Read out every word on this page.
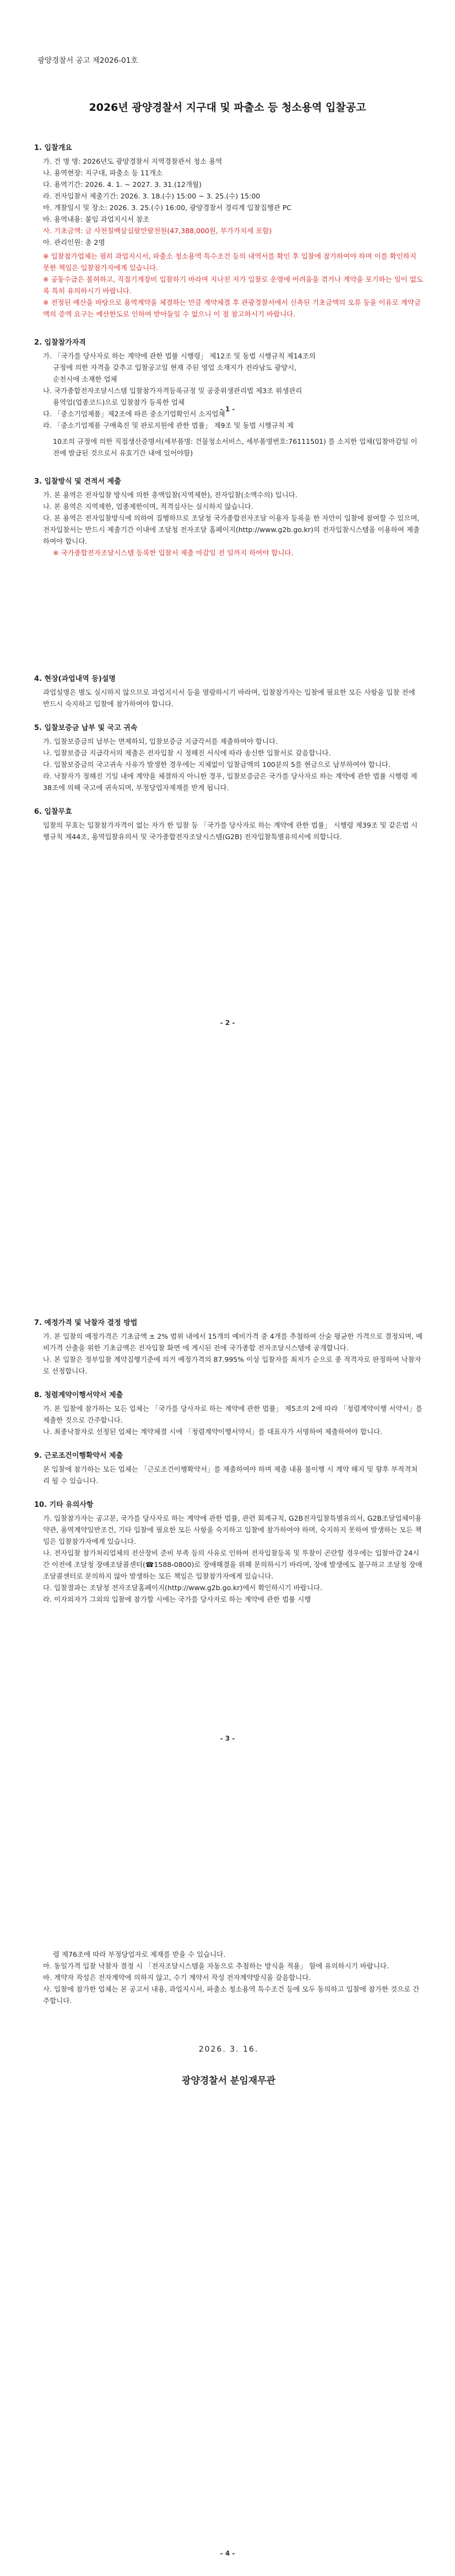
광양경찰서 공고 제2026-01호
2026년 광양경찰서 지구대 및 파출소 등 청소용역 입찰공고
1. 입찰개요
가. 건 명 명: 2026년도 광양경찰서 지역경찰관서 청소 용역
나. 용역현장: 지구대, 파출소 등 11개소
다. 용역기간: 2026. 4. 1. ~ 2027. 3. 31.(12개월)
라. 전자입찰서 제출기간: 2026. 3. 18.(수) 15:00 ~ 3. 25.(수) 15:00
마. 개찰일시 및 장소: 2026. 3. 25.(수) 16:00, 광양경찰서 경리계 입찰집행관 PC
바. 용역내용: 붙임 과업지시서 참조
사. 기초금액: 금 사천칠백삼십팔만팔천원(47,388,000원, 부가가치세 포함)
아. 관리인원: 총 2명
※ 입찰참가업체는 필히 과업지시서, 파출소 청소용역 특수조건 등의 내역서를 확인 후 입찰에 참가하여야 하며 이를 확인하지 못한 책임은 입찰참가자에게 있습니다.
※ 공동수급은 불허하고, 직접기계장비 입찰하기 바라며 지나친 저가 입찰로 운영에 어려움을 겪거나 계약을 포기하는 일이 없도록 특히 유의하시기 바랍니다.
※ 전정된 예산을 바탕으로 용역계약을 체결하는 만큼 계약체결 후 관광경찰서에서 신축된 기초금액의 오류 등을 이유로 계약금액의 증액 요구는 예산한도로 인하여 받아들일 수 없으니 이 점 참고하시기 바랍니다.
2. 입찰참가자격
가. 「국가를 당사자로 하는 계약에 관한 법률 시행령」 제12조 및 동법 시행규칙 제14조의
규정에 의한 자격을 갖추고 입찰공고일 현재 주된 영업 소재지가 전라남도 광양시,
순천시에 소재한 업체
나. 국가종합전자조달시스템 입찰참가자격등록규정 및 공중위생관리법 제3조 위생관리
용역업(업종코드)으로 입찰참가 등록한 업체
다. 「중소기업제품」제2조에 따른 중소기업확인서 소지업체
라. 「중소기업제품 구매촉진 및 판로지원에 관한 법률」 제9조 및 동법 시행규칙 제
- 1 -
10조의 규정에 의한 직접생산증명서(세부품명: 건물청소서비스, 세부품명번호:76111501) 를 소지한 업체(입찰마감일 이전에 발급된 것으로서 유효기간 내에 있어야함)
3. 입찰방식 및 견적서 제출
가. 본 용역은 전자입찰 방식에 의한 총액입찰(지역제한), 전자입찰(소액수의) 입니다.
나. 본 용역은 지역제한, 업종제한이며, 적격심사는 실시하지 않습니다.
다. 본 용역은 전자입찰방식에 의하여 집행하므로 조달청 국가종합전자조달 이용자 등록을 한 자만이 입찰에 참여할 수 있으며, 전자입찰서는 반드시 제출기간 이내에 조달청 전자조달 홈페이지(http://www.g2b.go.kr)의 전자입찰시스템을 이용하여 제출하여야 합니다.
※ 국가종합전자조달시스템 등록한 입찰서 제출 마감일 전 일까지 하여야 합니다.
4. 현장(과업내역 등)설명
과업설명은 별도 실시하지 않으므로 과업지시서 등을 열람하시기 바라며, 입찰참가자는 입찰에 필요한 모든 사항을 입찰 전에 반드시 숙지하고 입찰에 참가하여야 합니다.
5. 입찰보증금 납부 및 국고 귀속
가. 입찰보증금의 납부는 면제하되, 입찰보증금 지급각서를 제출하여야 합니다.
나. 입찰보증금 지급각서의 제출은 전자입찰 시 정해진 서식에 따라 송신한 입찰서로 갈음합니다.
다. 입찰보증금의 국고귀속 사유가 발생한 경우에는 지체없이 입찰금액의 100분의 5를 현금으로 납부하여야 합니다.
라. 낙찰자가 정해진 기일 내에 계약을 체결하지 아니한 경우, 입찰보증금은 국가를 당사자로 하는 계약에 관한 법률 시행령 제38조에 의해 국고에 귀속되며, 부정당업자제재를 받게 됩니다.
6. 입찰무효
입찰의 무효는 입찰참가자격이 없는 자가 한 입찰 등 「국가를 당사자로 하는 계약에 관한 법률」 시행령 제39조 및 같은법 시행규칙 제44조, 용역입찰유의서 및 국가종합전자조달시스템(G2B) 전자입찰특별유의서에 의합니다.
- 2 -
7. 예정가격 및 낙찰자 결정 방법
가. 본 입찰의 예정가격은 기초금액 ± 2% 범위 내에서 15개의 예비가격 중 4개를 추첨하여 산술 평균한 가격으로 결정되며, 예비가격 산출을 위한 기초금액은 전자입찰 화면 에 게시된 전에 국가종합 전자조달시스템에 공개합니다.
나. 본 입찰은 정부입찰 계약집행기준에 의거 예정가격의 87.995% 이상 입찰자를 최저가 순으로 종 적격자로 판정하여 낙찰자로 선정합니다.
8. 청렴계약이행서약서 제출
가. 본 입찰에 참가하는 모든 업체는 「국가를 당사자로 하는 계약에 관한 법률」 제5조의 2에 따라 「청렴계약이행 서약서」를 제출한 것으로 간주합니다.
나. 최종낙찰자로 선정된 업체는 계약체결 시에 「청렴계약이행서약서」를 대표자가 서명하여 제출하여야 합니다.
9. 근로조건이행확약서 제출
본 입찰에 참가하는 모든 업체는 「근로조건이행확약서」를 제출하여야 하며 제출 내용 불이행 시 계약 해지 및 향후 부적격처리 될 수 있습니다.
10. 기타 유의사항
가. 입찰참가자는 공고문, 국가를 당사자로 하는 계약에 관한 법률, 관련 회계규칙, G2B전자입찰특별유의서, G2B조달업체이용약관, 용역계약일반조건, 기타 입찰에 필요한 모든 사항을 숙지하고 입찰에 참가하여야 하며, 숙지하지 못하여 발생하는 모든 책임은 입찰참가자에게 있습니다.
나. 전자입찰 참가처리업체의 전산장비 준비 부족 등의 사유로 인하여 전자입찰등록 및 투찰이 곤란할 경우에는 입찰마감 24시간 이전에 조달청 장애조달콜센터(☎1588-0800)로 장애해결을 위해 문의하시기 바라며, 장애 발생에도 불구하고 조달청 장애조달콜센터로 문의하지 않아 발생하는 모든 책임은 입찰참가자에게 있습니다.
다. 입찰결과는 조달청 전자조달홈페이지(http://www.g2b.go.kr)에서 확인하시기 바랍니다.
라. 이자외자가 그외의 입찰에 참가할 시에는 국가를 당사자로 하는 계약에 관한 법률 시행
- 3 -
령 제76조에 따라 부정당업자로 제재를 받을 수 있습니다.
마. 동일가격 입찰 낙찰자 결정 시 「전자조달시스템을 자동으로 추첨하는 방식을 적용」 함에 유의하시기 바랍니다.
바. 계약자 작성은 전자계약에 의하지 않고, 수기 계약서 작성 전자계약방식을 갈음합니다.
사. 입찰에 참가한 업체는 본 공고서 내용, 과업지시서, 파출소 청소용역 특수조건 등에 모두 동의하고 입찰에 참가한 것으로 간주합니다.
2026. 3. 16.
광양경찰서 분임재무관
- 4 -
